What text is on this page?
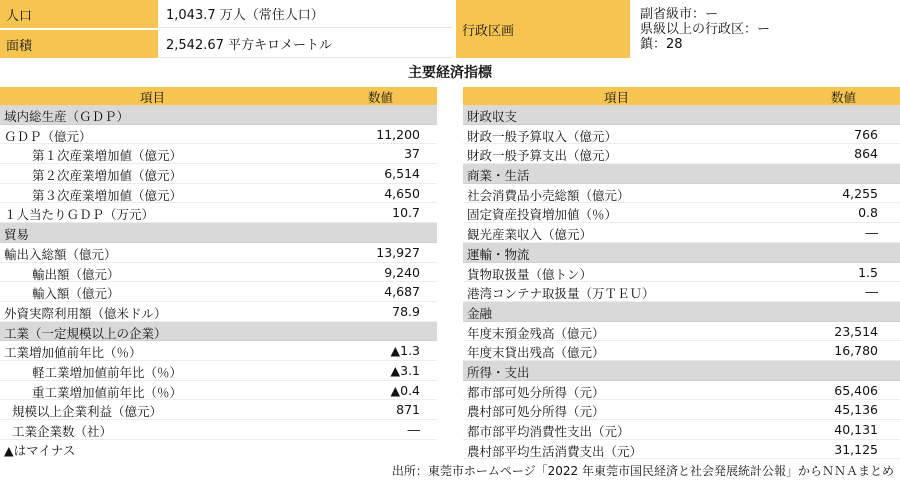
人口	1,043.7 万人（常住人口）
面積	2,542.67 平方キロメートル
行政区画
副省級市：ー
県級以上の行政区：ー
鎮：28
主要経済指標
項目	数値
域内総生産（ＧＤＰ）
ＧＤＰ（億元）	11,200
第１次産業増加値（億元）	37
第２次産業増加値（億元）	6,514
第３次産業増加値（億元）	4,650
１人当たりＧＤＰ（万元）	10.7
貿易
輸出入総額（億元）	13,927
輸出額（億元）	9,240
輸入額（億元）	4,687
外資実際利用額（億米ドル）	78.9
工業（一定規模以上の企業）
工業増加値前年比（％）	▲1.3
軽工業増加値前年比（％）	▲3.1
重工業増加値前年比（％）	▲0.4
規模以上企業利益（億元）	871
工業企業数（社）	―
項目	数値
財政収支
財政一般予算収入（億元）	766
財政一般予算支出（億元）	864
商業・生活
社会消費品小売総額（億元）	4,255
固定資産投資増加値（％）	0.8
観光産業収入（億元）	―
運輸・物流
貨物取扱量（億トン）	1.5
港湾コンテナ取扱量（万ＴＥＵ）	―
金融
年度末預金残高（億元）	23,514
年度末貸出残高（億元）	16,780
所得・支出
都市部可処分所得（元）	65,406
農村部可処分所得（元）	45,136
都市部平均消費性支出（元）	40,131
農村部平均生活消費支出（元）	31,125
▲はマイナス
出所：東莞市ホームページ「2022 年東莞市国民経済と社会発展統計公報」からＮＮＡまとめ
